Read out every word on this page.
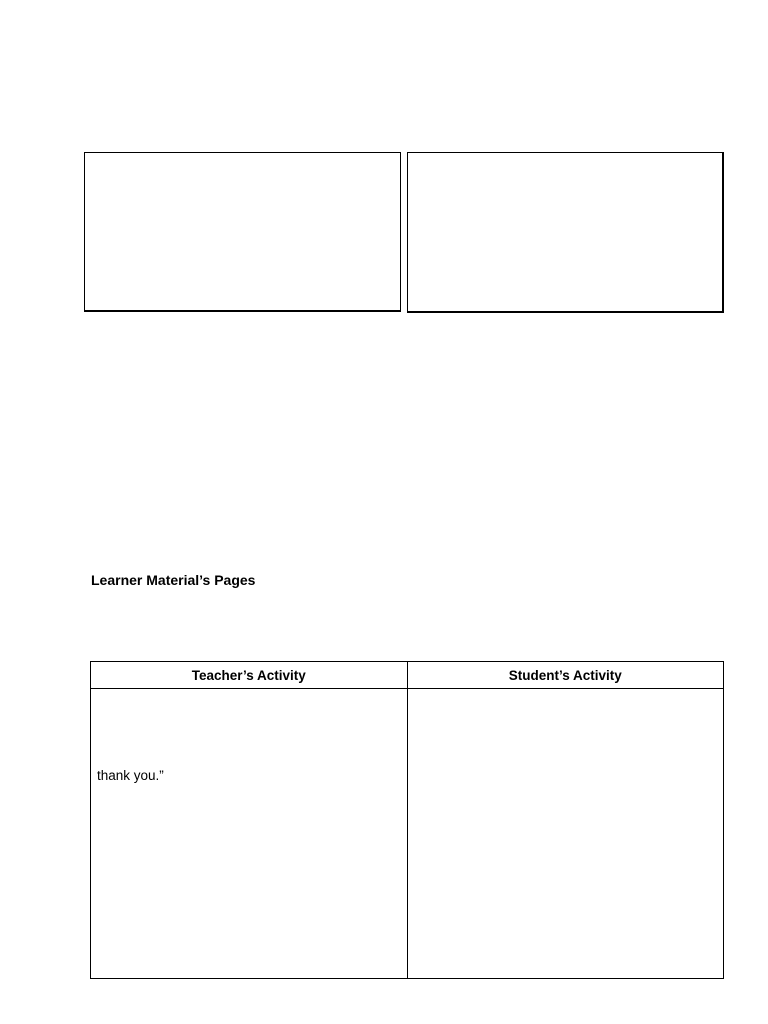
Learner Material’s Pages
Teacher’s Activity	Student’s Activity

thank you.”	
